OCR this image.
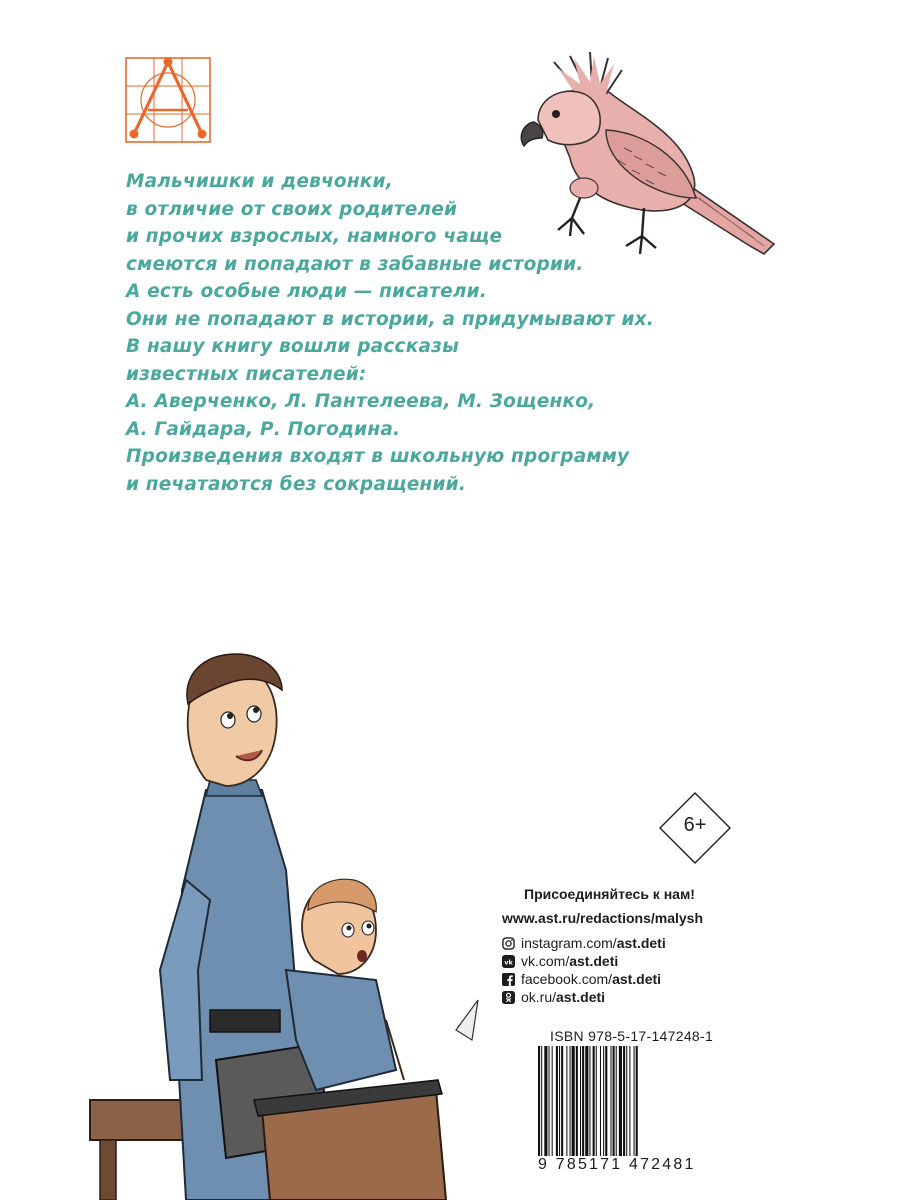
Мальчишки и девчонки,
в отличие от своих родителей
и прочих взрослых, намного чаще
смеются и попадают в забавные истории.
А есть особые люди — писатели.
Они не попадают в истории, а придумывают их.
В нашу книгу вошли рассказы
известных писателей:
А. Аверченко, Л. Пантелеева, М. Зощенко,
А. Гайдара, Р. Погодина.
Произведения входят в школьную программу
и печатаются без сокращений.
6+
Присоединяйтесь к нам!
www.ast.ru/redactions/malysh
instagram.com/ast.deti
vk vk.com/ast.deti
facebook.com/ast.deti
ok.ru/ast.deti
ISBN 978-5-17-147248-1
9 785171 472481
